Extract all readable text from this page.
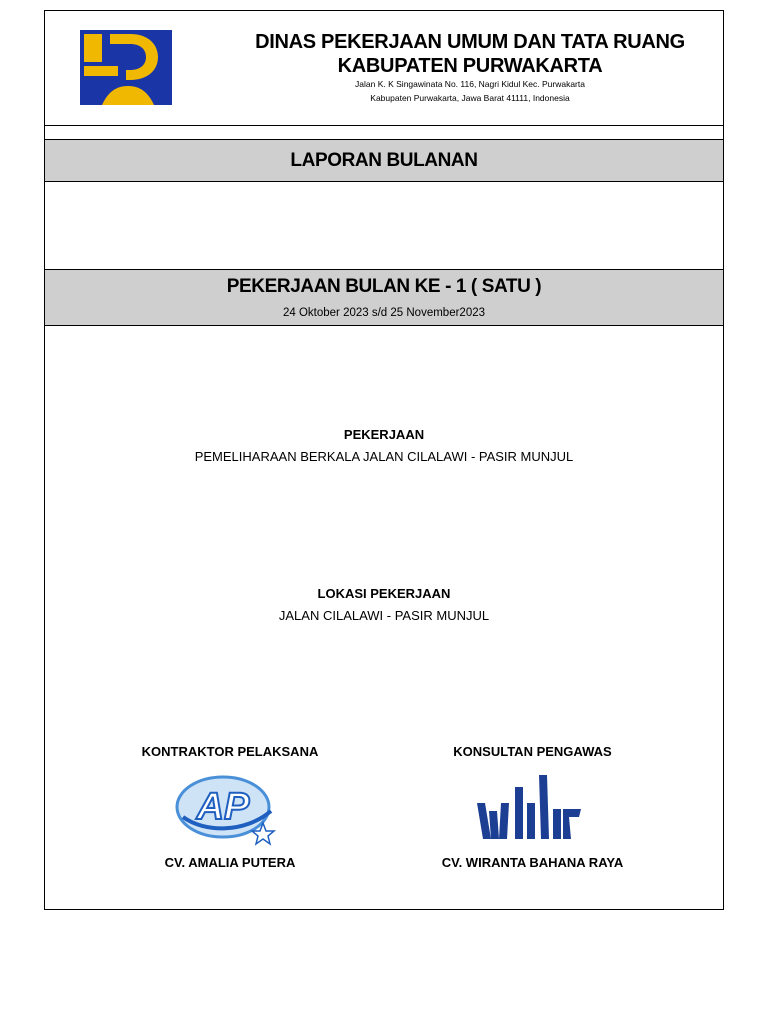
DINAS PEKERJAAN UMUM DAN TATA RUANG
KABUPATEN PURWAKARTA
Jalan K. K Singawinata No. 116, Nagri Kidul Kec. Purwakarta
Kabupaten Purwakarta, Jawa Barat 41111, Indonesia
LAPORAN BULANAN
PEKERJAAN BULAN KE - 1 ( SATU )
24 Oktober 2023 s/d 25 November2023
PEKERJAAN
PEMELIHARAAN BERKALA JALAN CILALAWI - PASIR MUNJUL
LOKASI PEKERJAAN
JALAN CILALAWI - PASIR MUNJUL
KONTRAKTOR PELAKSANA
AP
CV. AMALIA PUTERA
KONSULTAN PENGAWAS
CV. WIRANTA BAHANA RAYA
